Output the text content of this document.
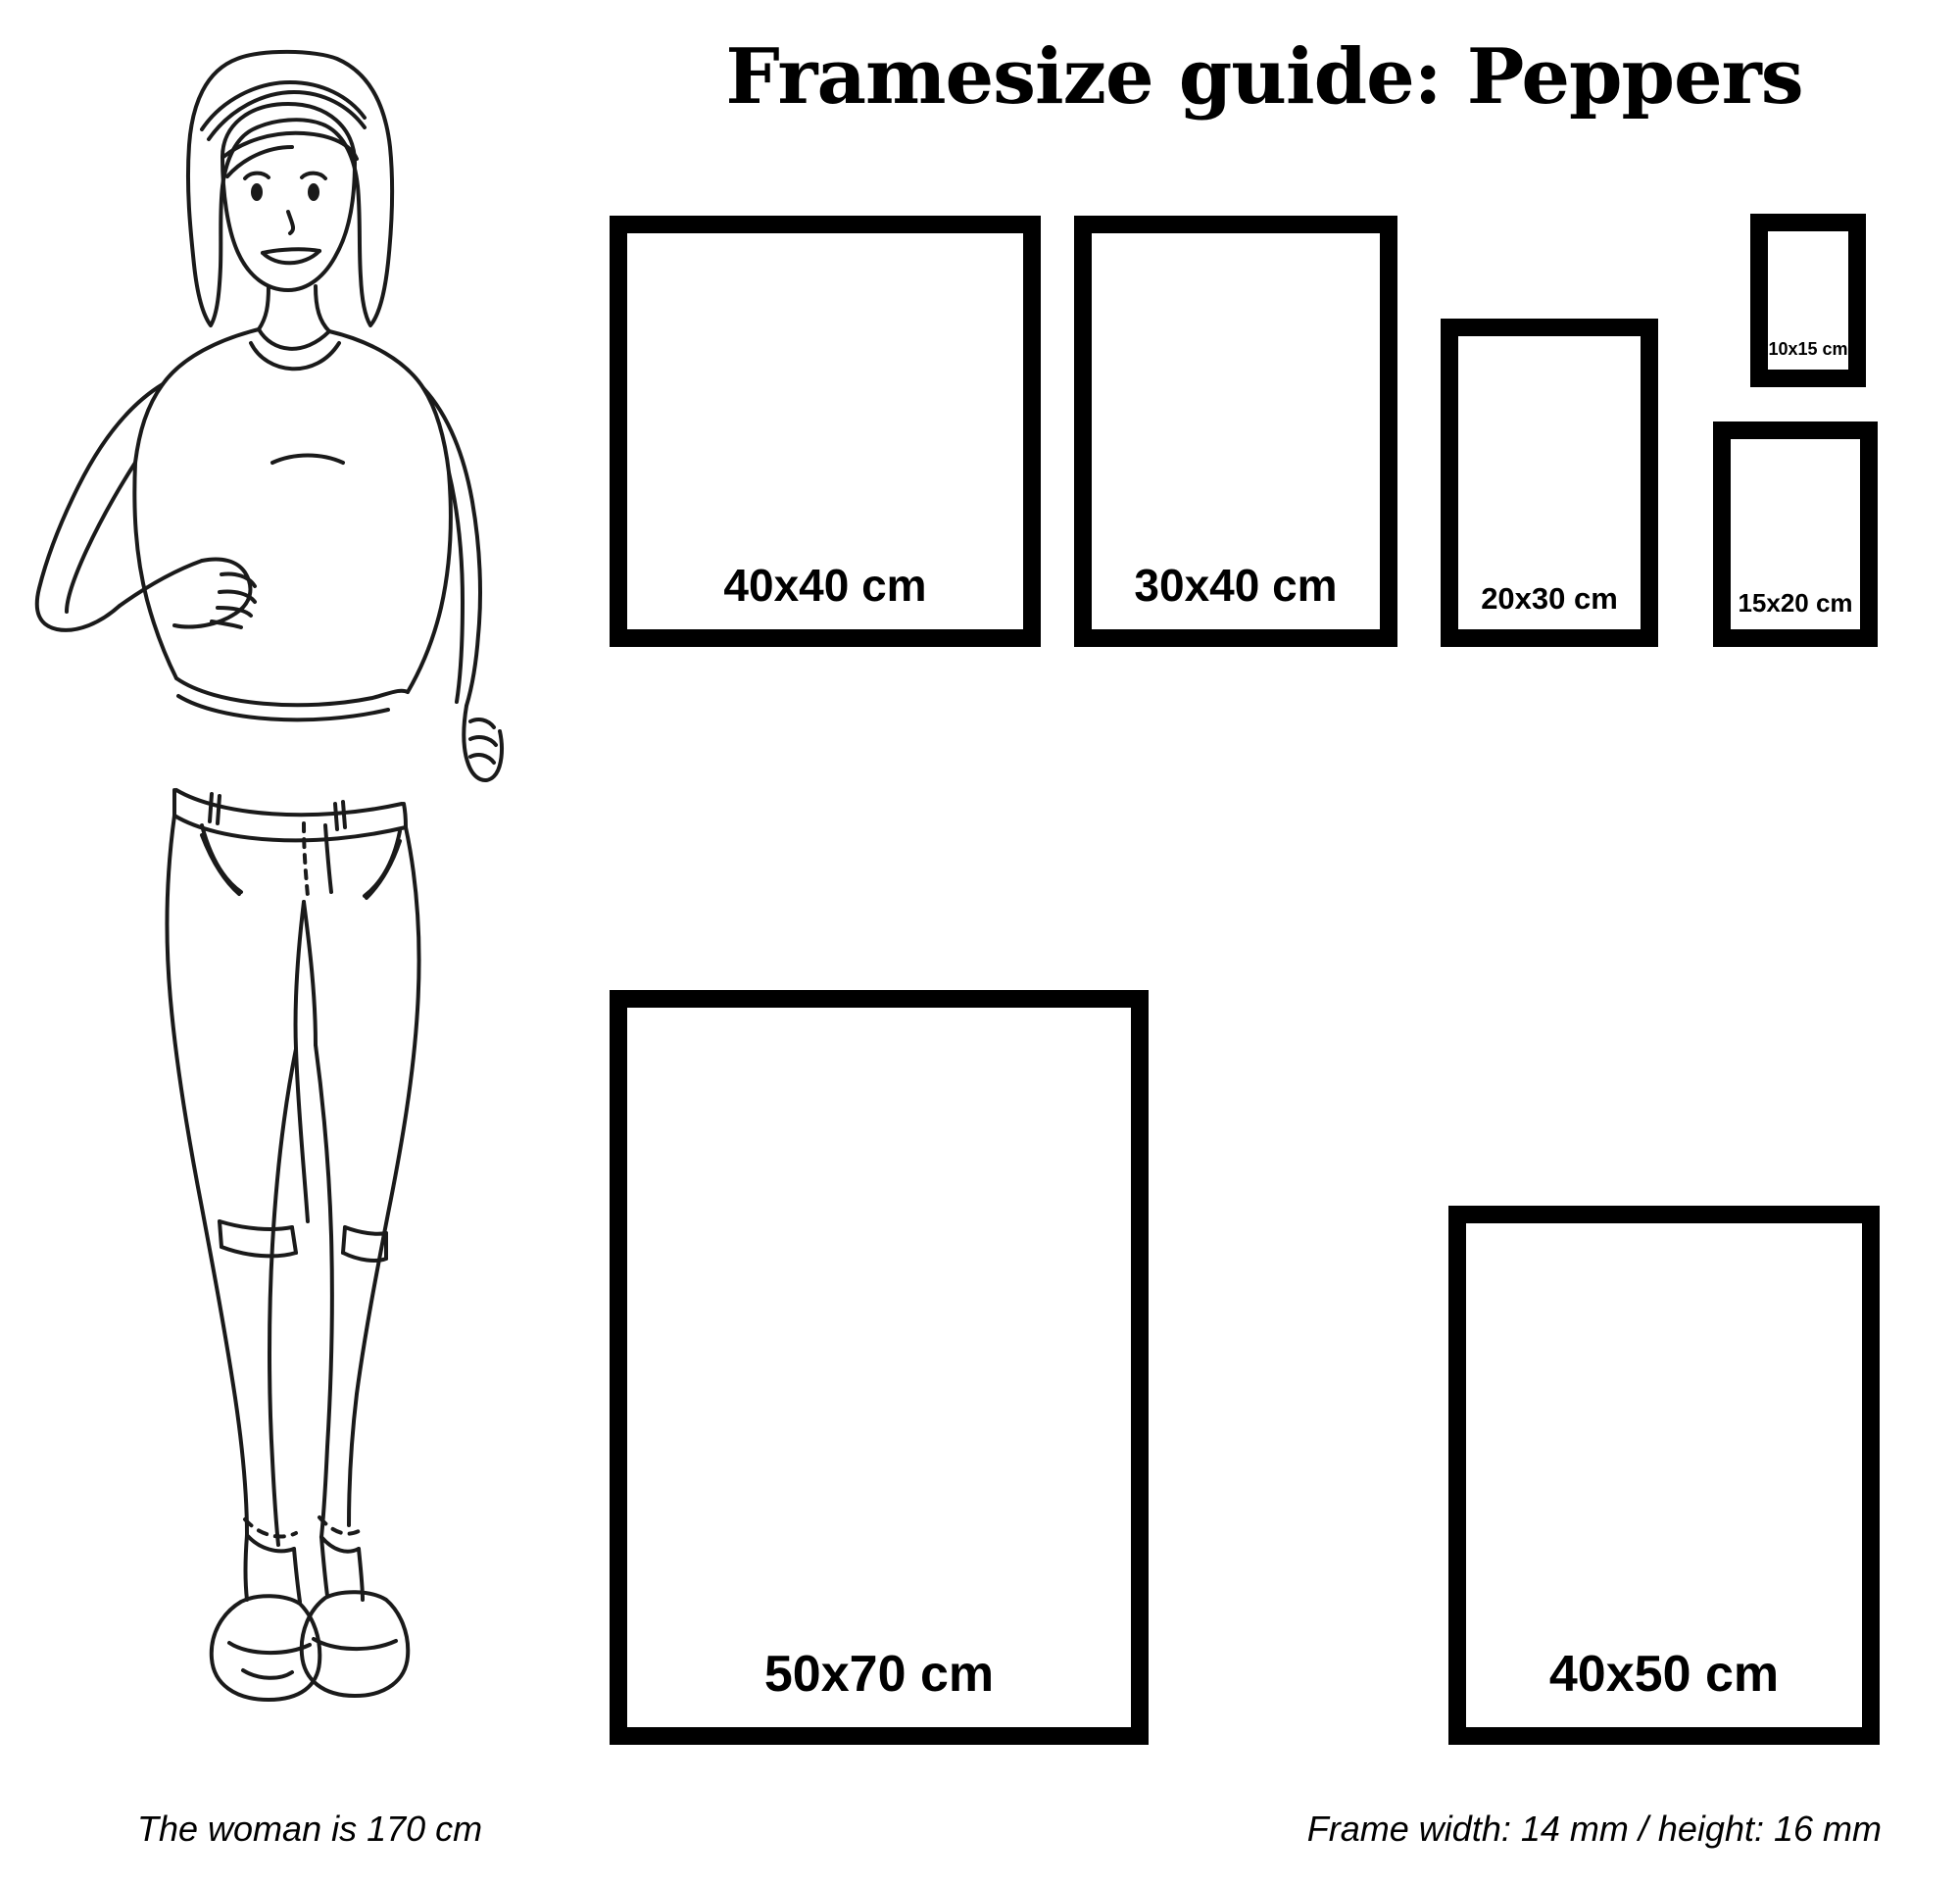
Framesize guide: Peppers
40x40 cm	30x40 cm	20x30 cm	15x20 cm
10x15 cm
50x70 cm	40x50 cm
The woman is 170 cm	Frame width: 14 mm / height: 16 mm
